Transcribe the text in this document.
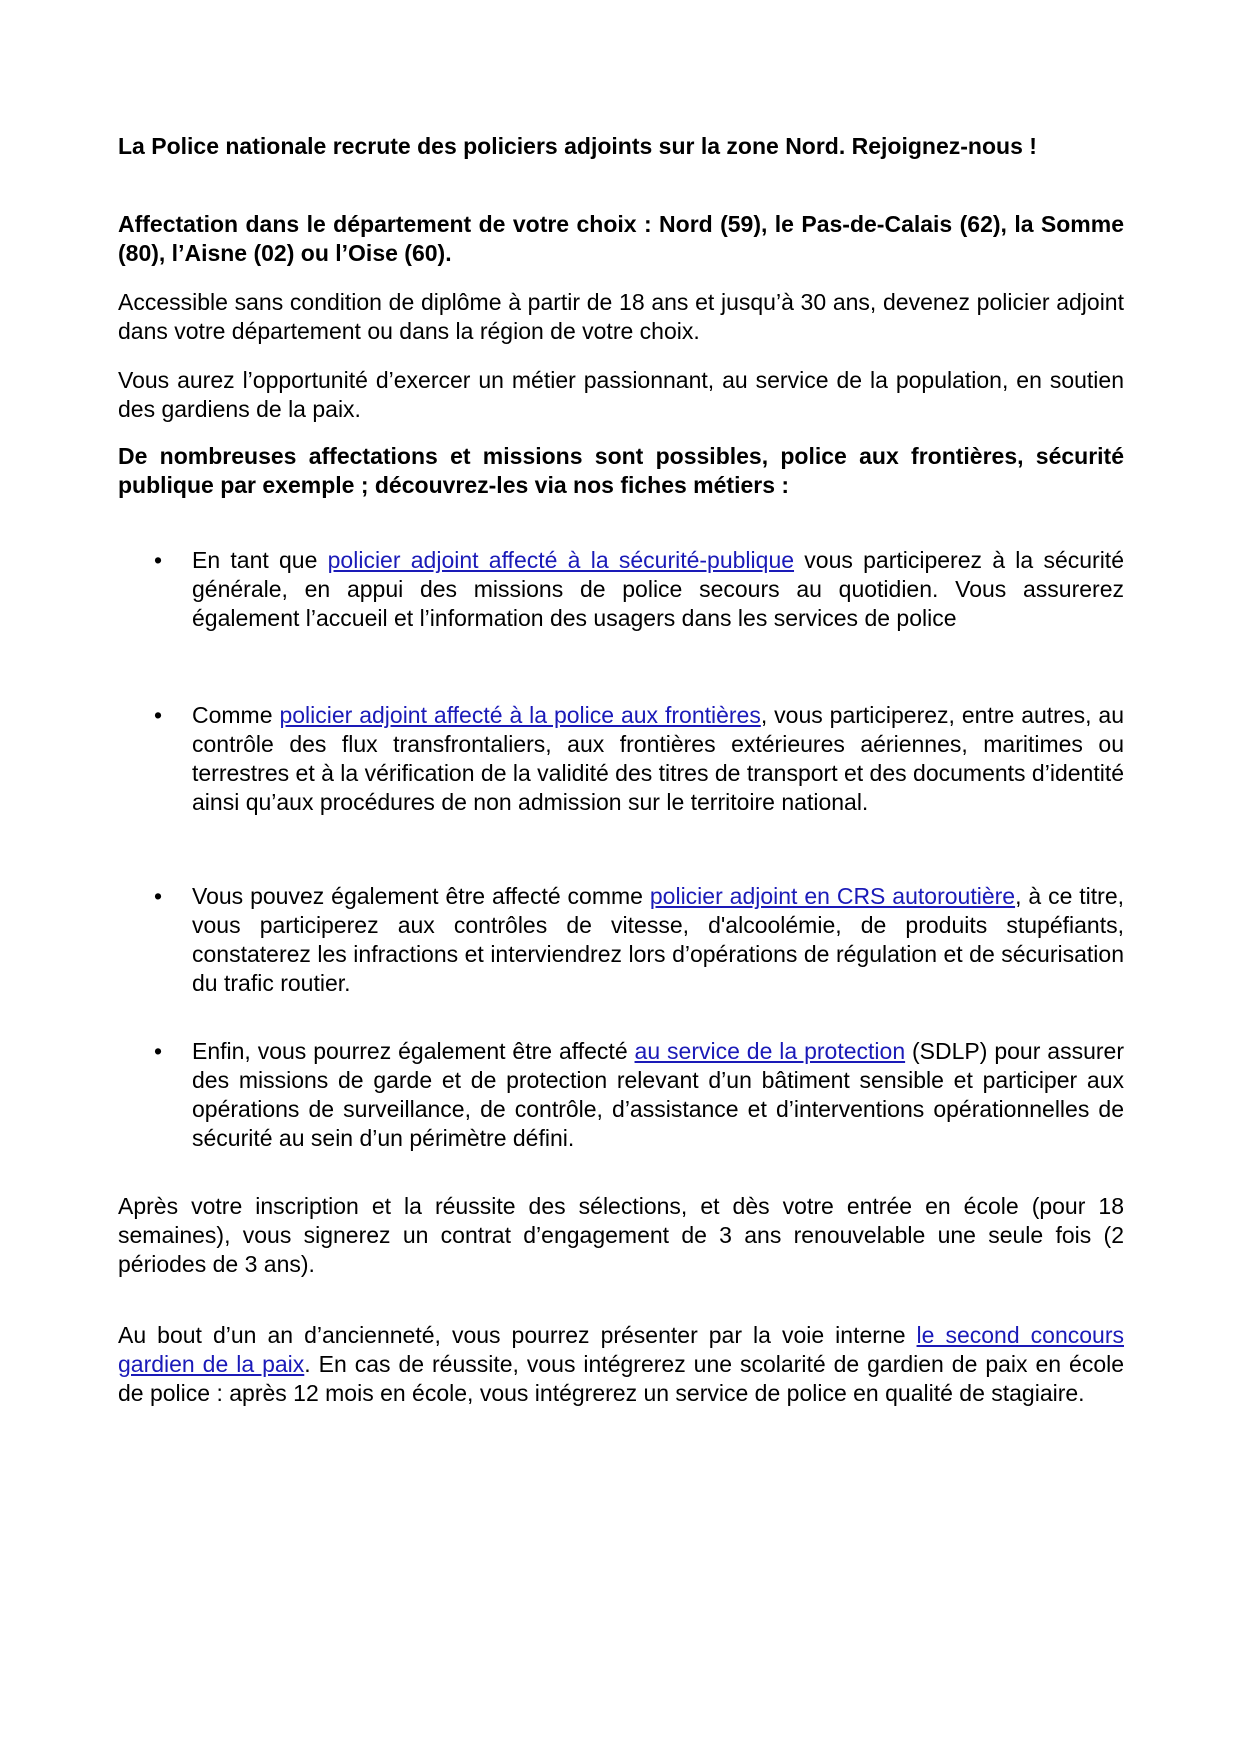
La Police nationale recrute des policiers adjoints sur la zone Nord. Rejoignez-nous !

Affectation dans le département de votre choix : Nord (59), le Pas-de-Calais (62), la Somme (80), l’Aisne (02) ou l’Oise (60).

Accessible sans condition de diplôme à partir de 18 ans et jusqu’à 30 ans, devenez policier adjoint dans votre département ou dans la région de votre choix.

Vous aurez l’opportunité d’exercer un métier passionnant, au service de la population, en soutien des gardiens de la paix.

De nombreuses affectations et missions sont possibles, police aux frontières, sécurité publique par exemple ; découvrez-les via nos fiches métiers :

• En tant que policier adjoint affecté à la sécurité-publique vous participerez à la sécurité générale, en appui des missions de police secours au quotidien. Vous assurerez également l’accueil et l’information des usagers dans les services de police

• Comme policier adjoint affecté à la police aux frontières, vous participerez, entre autres, au contrôle des flux transfrontaliers, aux frontières extérieures aériennes, maritimes ou terrestres et à la vérification de la validité des titres de transport et des documents d’identité ainsi qu’aux procédures de non admission sur le territoire national.

• Vous pouvez également être affecté comme policier adjoint en CRS autoroutière, à ce titre, vous participerez aux contrôles de vitesse, d'alcoolémie, de produits stupéfiants, constaterez les infractions et interviendrez lors d’opérations de régulation et de sécurisation du trafic routier.

• Enfin, vous pourrez également être affecté au service de la protection (SDLP) pour assurer des missions de garde et de protection relevant d’un bâtiment sensible et participer aux opérations de surveillance, de contrôle, d’assistance et d’interventions opérationnelles de sécurité au sein d’un périmètre défini.

Après votre inscription et la réussite des sélections, et dès votre entrée en école (pour 18 semaines), vous signerez un contrat d’engagement de 3 ans renouvelable une seule fois (2 périodes de 3 ans).

Au bout d’un an d’ancienneté, vous pourrez présenter par la voie interne le second concours gardien de la paix. En cas de réussite, vous intégrerez une scolarité de gardien de paix en école de police : après 12 mois en école, vous intégrerez un service de police en qualité de stagiaire.
